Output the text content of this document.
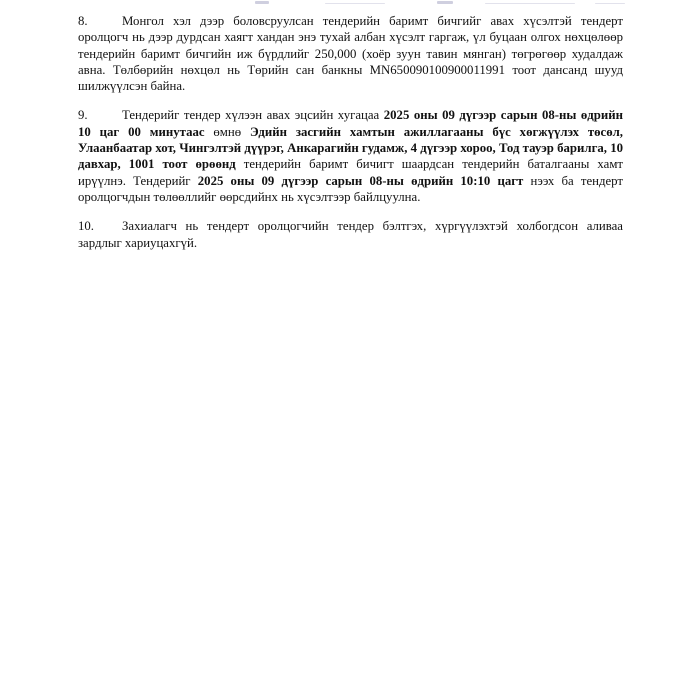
8.	Монгол хэл дээр боловсруулсан тендерийн баримт бичгийг авах хүсэлтэй тендерт оролцогч нь дээр дурдсан хаягт хандан энэ тухай албан хүсэлт гаргаж, үл буцаан олгох нөхцөлөөр тендерийн баримт бичгийн иж бүрдлийг 250,000 (хоёр зуун тавин мянган) төгрөгөөр худалдаж авна. Төлбөрийн нөхцөл нь Төрийн сан банкны MN650090100900011991 тоот дансанд шууд шилжүүлсэн байна.

9.	Тендерийг тендер хүлээн авах эцсийн хугацаа 2025 оны 09 дүгээр сарын 08-ны өдрийн 10 цаг 00 минутаас өмнө Эдийн засгийн хамтын ажиллагааны бүс хөгжүүлэх төсөл, Улаанбаатар хот, Чингэлтэй дүүрэг, Анкарагийн гудамж, 4 дүгээр хороо, Тод тауэр барилга, 10 давхар, 1001 тоот өрөөнд тендерийн баримт бичигт шаардсан тендерийн баталгааны хамт ирүүлнэ. Тендерийг 2025 оны 09 дүгээр сарын 08-ны өдрийн 10:10 цагт нээх ба тендерт оролцогчдын төлөөллийг өөрсдийнх нь хүсэлтээр байлцуулна.

10. Захиалагч нь тендерт оролцогчийн тендер бэлтгэх, хүргүүлэхтэй холбогдсон аливаа зардлыг хариуцахгүй.
